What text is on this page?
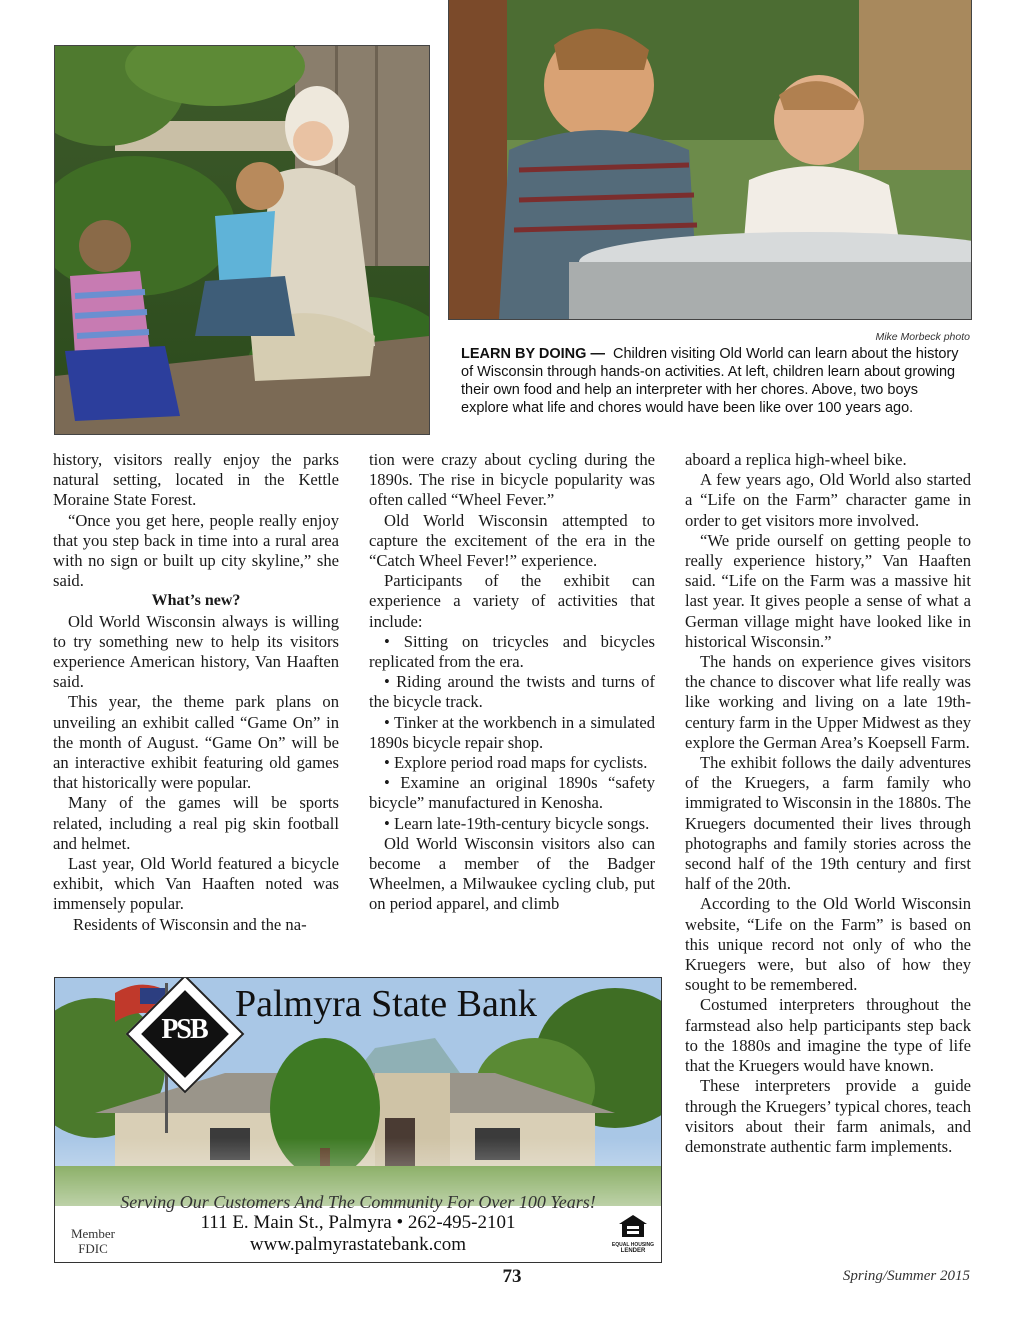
Mike Morbeck photo
LEARN BY DOING — Children visiting Old World can learn about the history of Wisconsin through hands-on activities. At left, children learn about growing their own food and help an interpreter with her chores. Above, two boys explore what life and chores would have been like over 100 years ago.

history, visitors really enjoy the parks natural setting, located in the Kettle Moraine State Forest.

“Once you get here, people really enjoy that you step back in time into a rural area with no sign or built up city skyline,” she said.

What’s new?

Old World Wisconsin always is willing to try something new to help its visitors experience American history, Van Haaften said.

This year, the theme park plans on unveiling an exhibit called “Game On” in the month of August. “Game On” will be an interactive exhibit featuring old games that historically were popular.

Many of the games will be sports related, including a real pig skin football and helmet.

Last year, Old World featured a bicycle exhibit, which Van Haaften noted was immensely popular.

Residents of Wisconsin and the na-

tion were crazy about cycling during the 1890s. The rise in bicycle popularity was often called “Wheel Fever.”

Old World Wisconsin attempted to capture the excitement of the era in the “Catch Wheel Fever!” experience.

Participants of the exhibit can experience a variety of activities that include:

• Sitting on tricycles and bicycles replicated from the era.

• Riding around the twists and turns of the bicycle track.

• Tinker at the workbench in a simulated 1890s bicycle repair shop.

• Explore period road maps for cyclists.

• Examine an original 1890s “safety bicycle” manufactured in Kenosha.

• Learn late-19th-century bicycle songs.

Old World Wisconsin visitors also can become a member of the Badger Wheelmen, a Milwaukee cycling club, put on period apparel, and climb

aboard a replica high-wheel bike.

A few years ago, Old World also started a “Life on the Farm” character game in order to get visitors more involved.

“We pride ourself on getting people to really experience history,” Van Haaften said. “Life on the Farm was a massive hit last year. It gives people a sense of what a German village might have looked like in historical Wisconsin.”

The hands on experience gives visitors the chance to discover what life really was like working and living on a late 19th-century farm in the Upper Midwest as they explore the German Area’s Koepsell Farm.

The exhibit follows the daily adventures of the Kruegers, a farm family who immigrated to Wisconsin in the 1880s. The Kruegers documented their lives through photographs and family stories across the second half of the 19th century and first half of the 20th.

According to the Old World Wisconsin website, “Life on the Farm” is based on this unique record not only of who the Kruegers were, but also of how they sought to be remembered.

Costumed interpreters throughout the farmstead also help participants step back to the 1880s and imagine the type of life that the Kruegers would have known.

These interpreters provide a guide through the Kruegers’ typical chores, teach visitors about their farm animals, and demonstrate authentic farm implements.

PSB
Palmyra State Bank
Serving Our Customers And The Community For Over 100 Years!
111 E. Main St., Palmyra • 262-495-2101
www.palmyrastatebank.com
Member
FDIC	EQUAL HOUSING
LENDER
73	Spring/Summer 2015
